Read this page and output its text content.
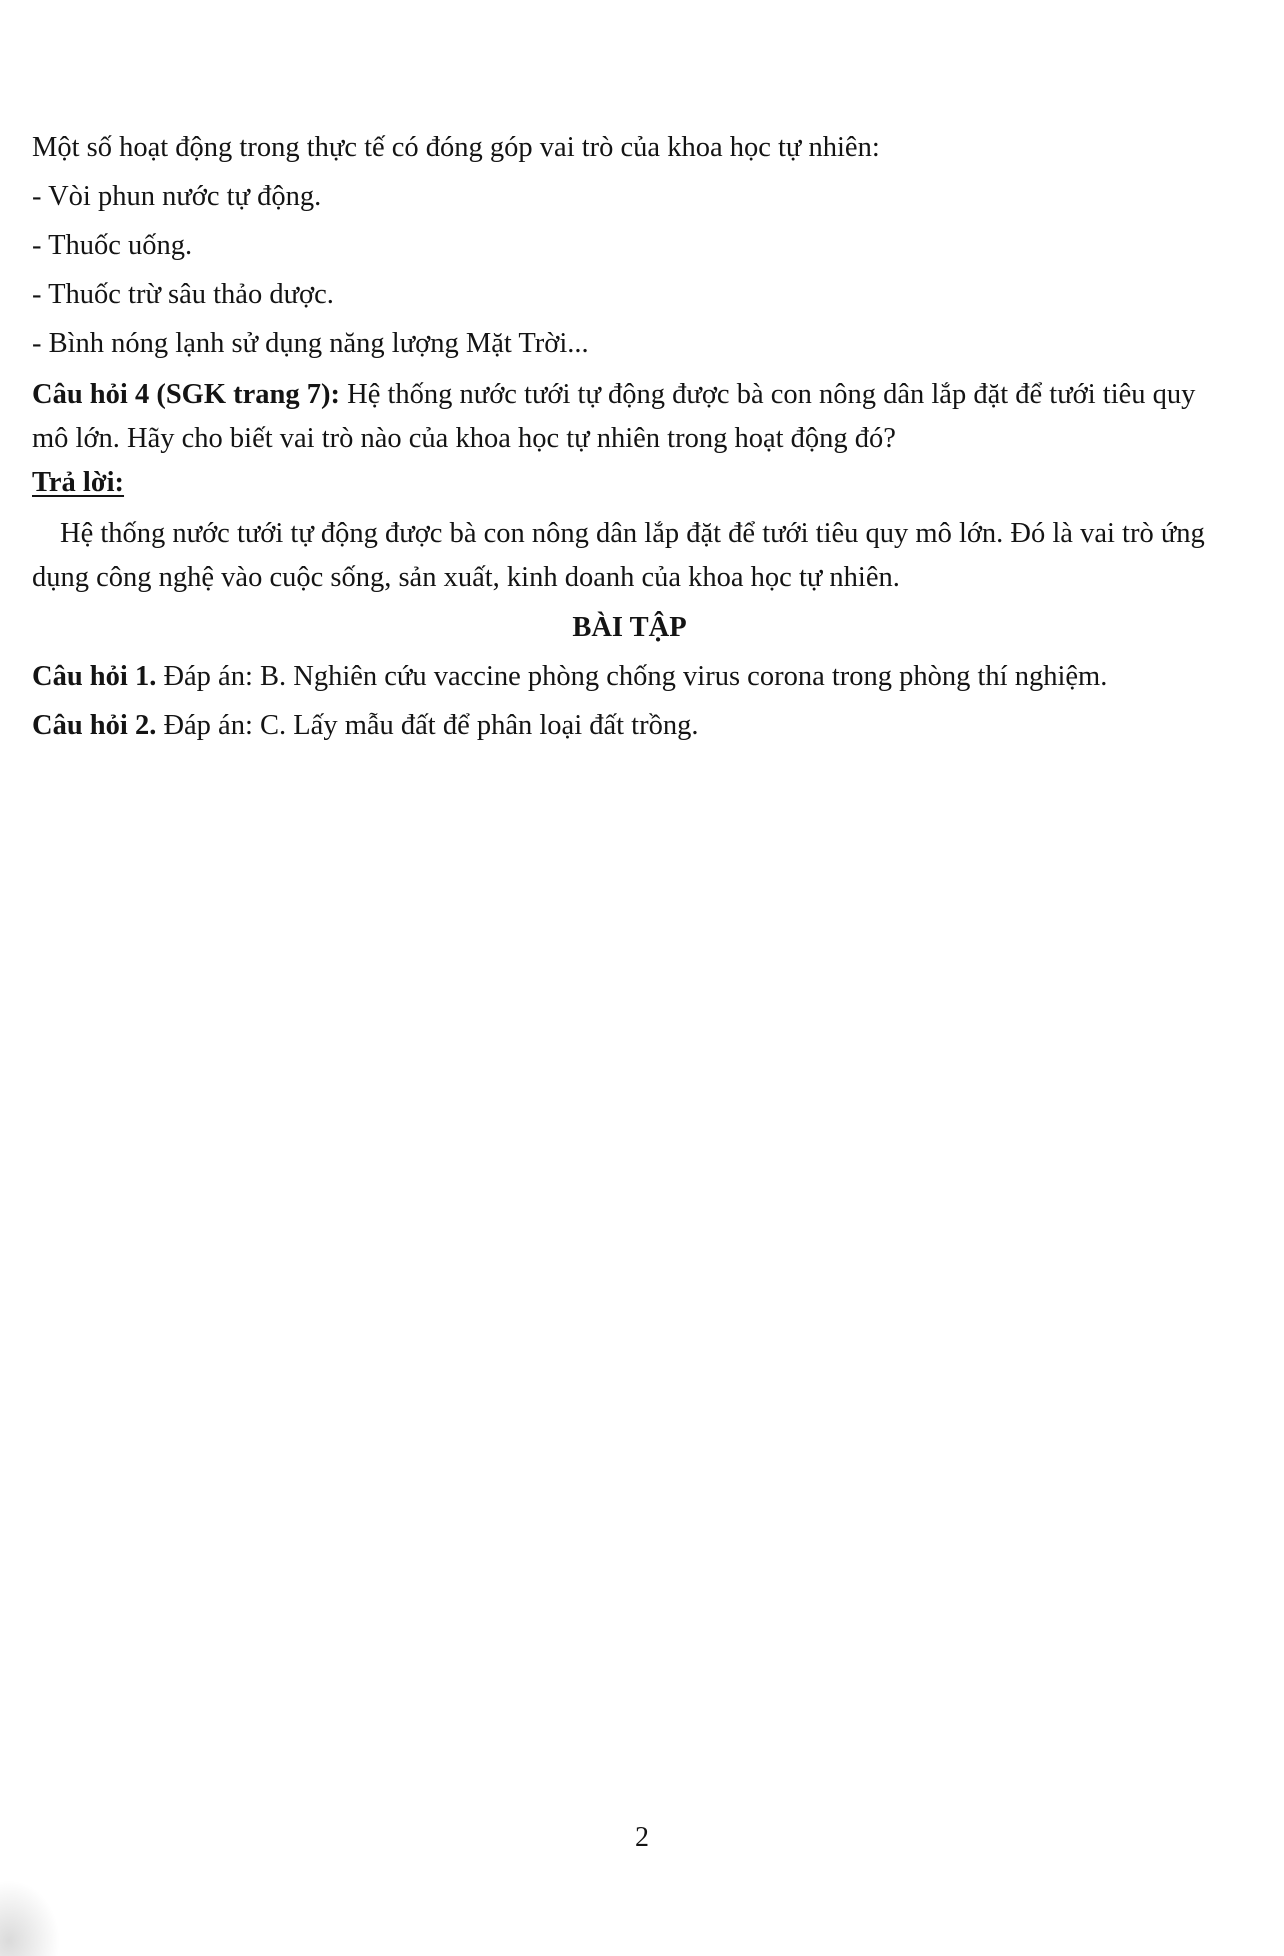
Một số hoạt động trong thực tế có đóng góp vai trò của khoa học tự nhiên:
- Vòi phun nước tự động.
- Thuốc uống.
- Thuốc trừ sâu thảo dược.
- Bình nóng lạnh sử dụng năng lượng Mặt Trời...
Câu hỏi 4 (SGK trang 7): Hệ thống nước tưới tự động được bà con nông dân lắp đặt để tưới tiêu quy mô lớn. Hãy cho biết vai trò nào của khoa học tự nhiên trong hoạt động đó?
Trả lời:
Hệ thống nước tưới tự động được bà con nông dân lắp đặt để tưới tiêu quy mô lớn. Đó là vai trò ứng dụng công nghệ vào cuộc sống, sản xuất, kinh doanh của khoa học tự nhiên.
BÀI TẬP
Câu hỏi 1. Đáp án: B. Nghiên cứu vaccine phòng chống virus corona trong phòng thí nghiệm.
Câu hỏi 2. Đáp án: C. Lấy mẫu đất để phân loại đất trồng.
2
